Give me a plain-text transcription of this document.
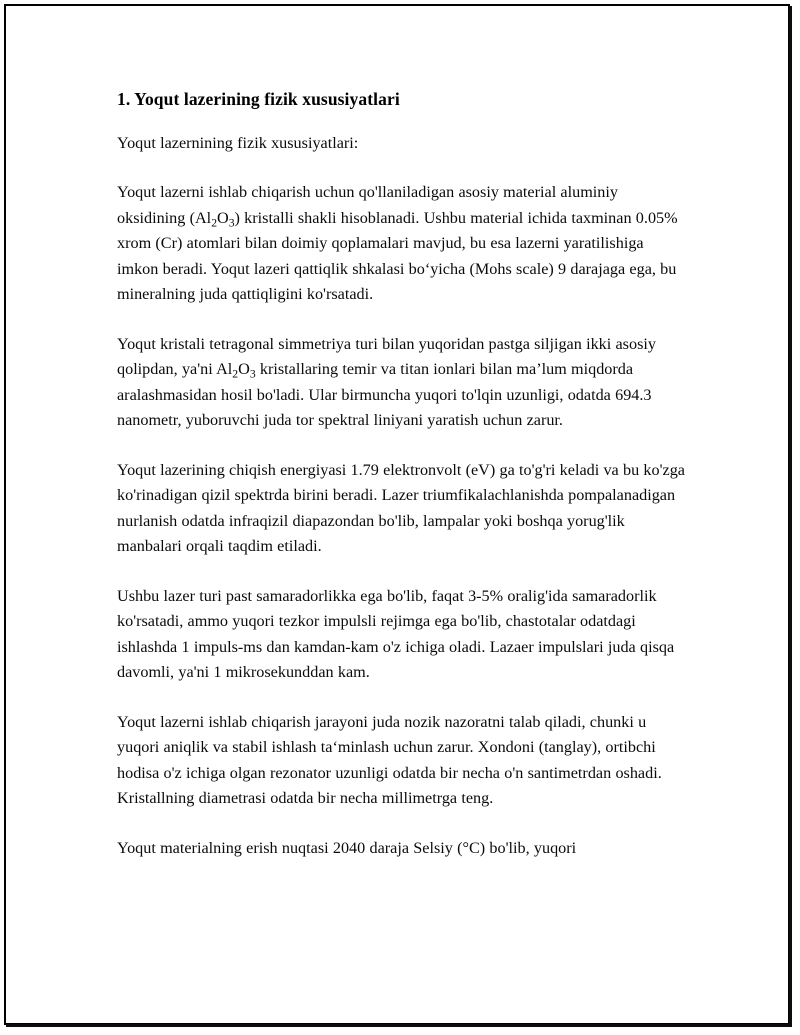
1. Yoqut lazerining fizik xususiyatlari

Yoqut lazernining fizik xususiyatlari:

Yoqut lazerni ishlab chiqarish uchun qo'llaniladigan asosiy material aluminiy oksidining $(Al_2O_3)$ kristalli shakli hisoblanadi. Ushbu material ichida taxminan 0.05% xrom (Cr) atomlari bilan doimiy qoplamalari mavjud, bu esa lazerni yaratilishiga imkon beradi. Yoqut lazeri qattiqlik shkalasi boʻyicha (Mohs scale) 9 darajaga ega, bu mineralning juda qattiqligini ko'rsatadi.

Yoqut kristali tetragonal simmetriya turi bilan yuqoridan pastga siljigan ikki asosiy qolipdan, ya'ni $Al_2O_3$ kristallaring temir va titan ionlari bilan ma’lum miqdorda aralashmasidan hosil bo'ladi. Ular birmuncha yuqori to'lqin uzunligi, odatda 694.3 nanometr, yuboruvchi juda tor spektral liniyani yaratish uchun zarur.

Yoqut lazerining chiqish energiyasi 1.79 elektronvolt (eV) ga to'g'ri keladi va bu ko'zga ko'rinadigan qizil spektrda birini beradi. Lazer triumfikalachlanishda pompalanadigan nurlanish odatda infraqizil diapazondan bo'lib, lampalar yoki boshqa yorug'lik manbalari orqali taqdim etiladi.

Ushbu lazer turi past samaradorlikka ega bo'lib, faqat 3-5% oralig'ida samaradorlik ko'rsatadi, ammo yuqori tezkor impulsli rejimga ega bo'lib, chastotalar odatdagi ishlashda 1 impuls-ms dan kamdan-kam o'z ichiga oladi. Lazaer impulslari juda qisqa davomli, ya'ni 1 mikrosekunddan kam.

Yoqut lazerni ishlab chiqarish jarayoni juda nozik nazoratni talab qiladi, chunki u yuqori aniqlik va stabil ishlash taʻminlash uchun zarur. Xondoni (tanglay), ortibchi hodisa o'z ichiga olgan rezonator uzunligi odatda bir necha o'n santimetrdan oshadi. Kristallning diametrasi odatda bir necha millimetrga teng.

Yoqut materialning erish nuqtasi 2040 daraja Selsiy (°C) bo'lib, yuqori
